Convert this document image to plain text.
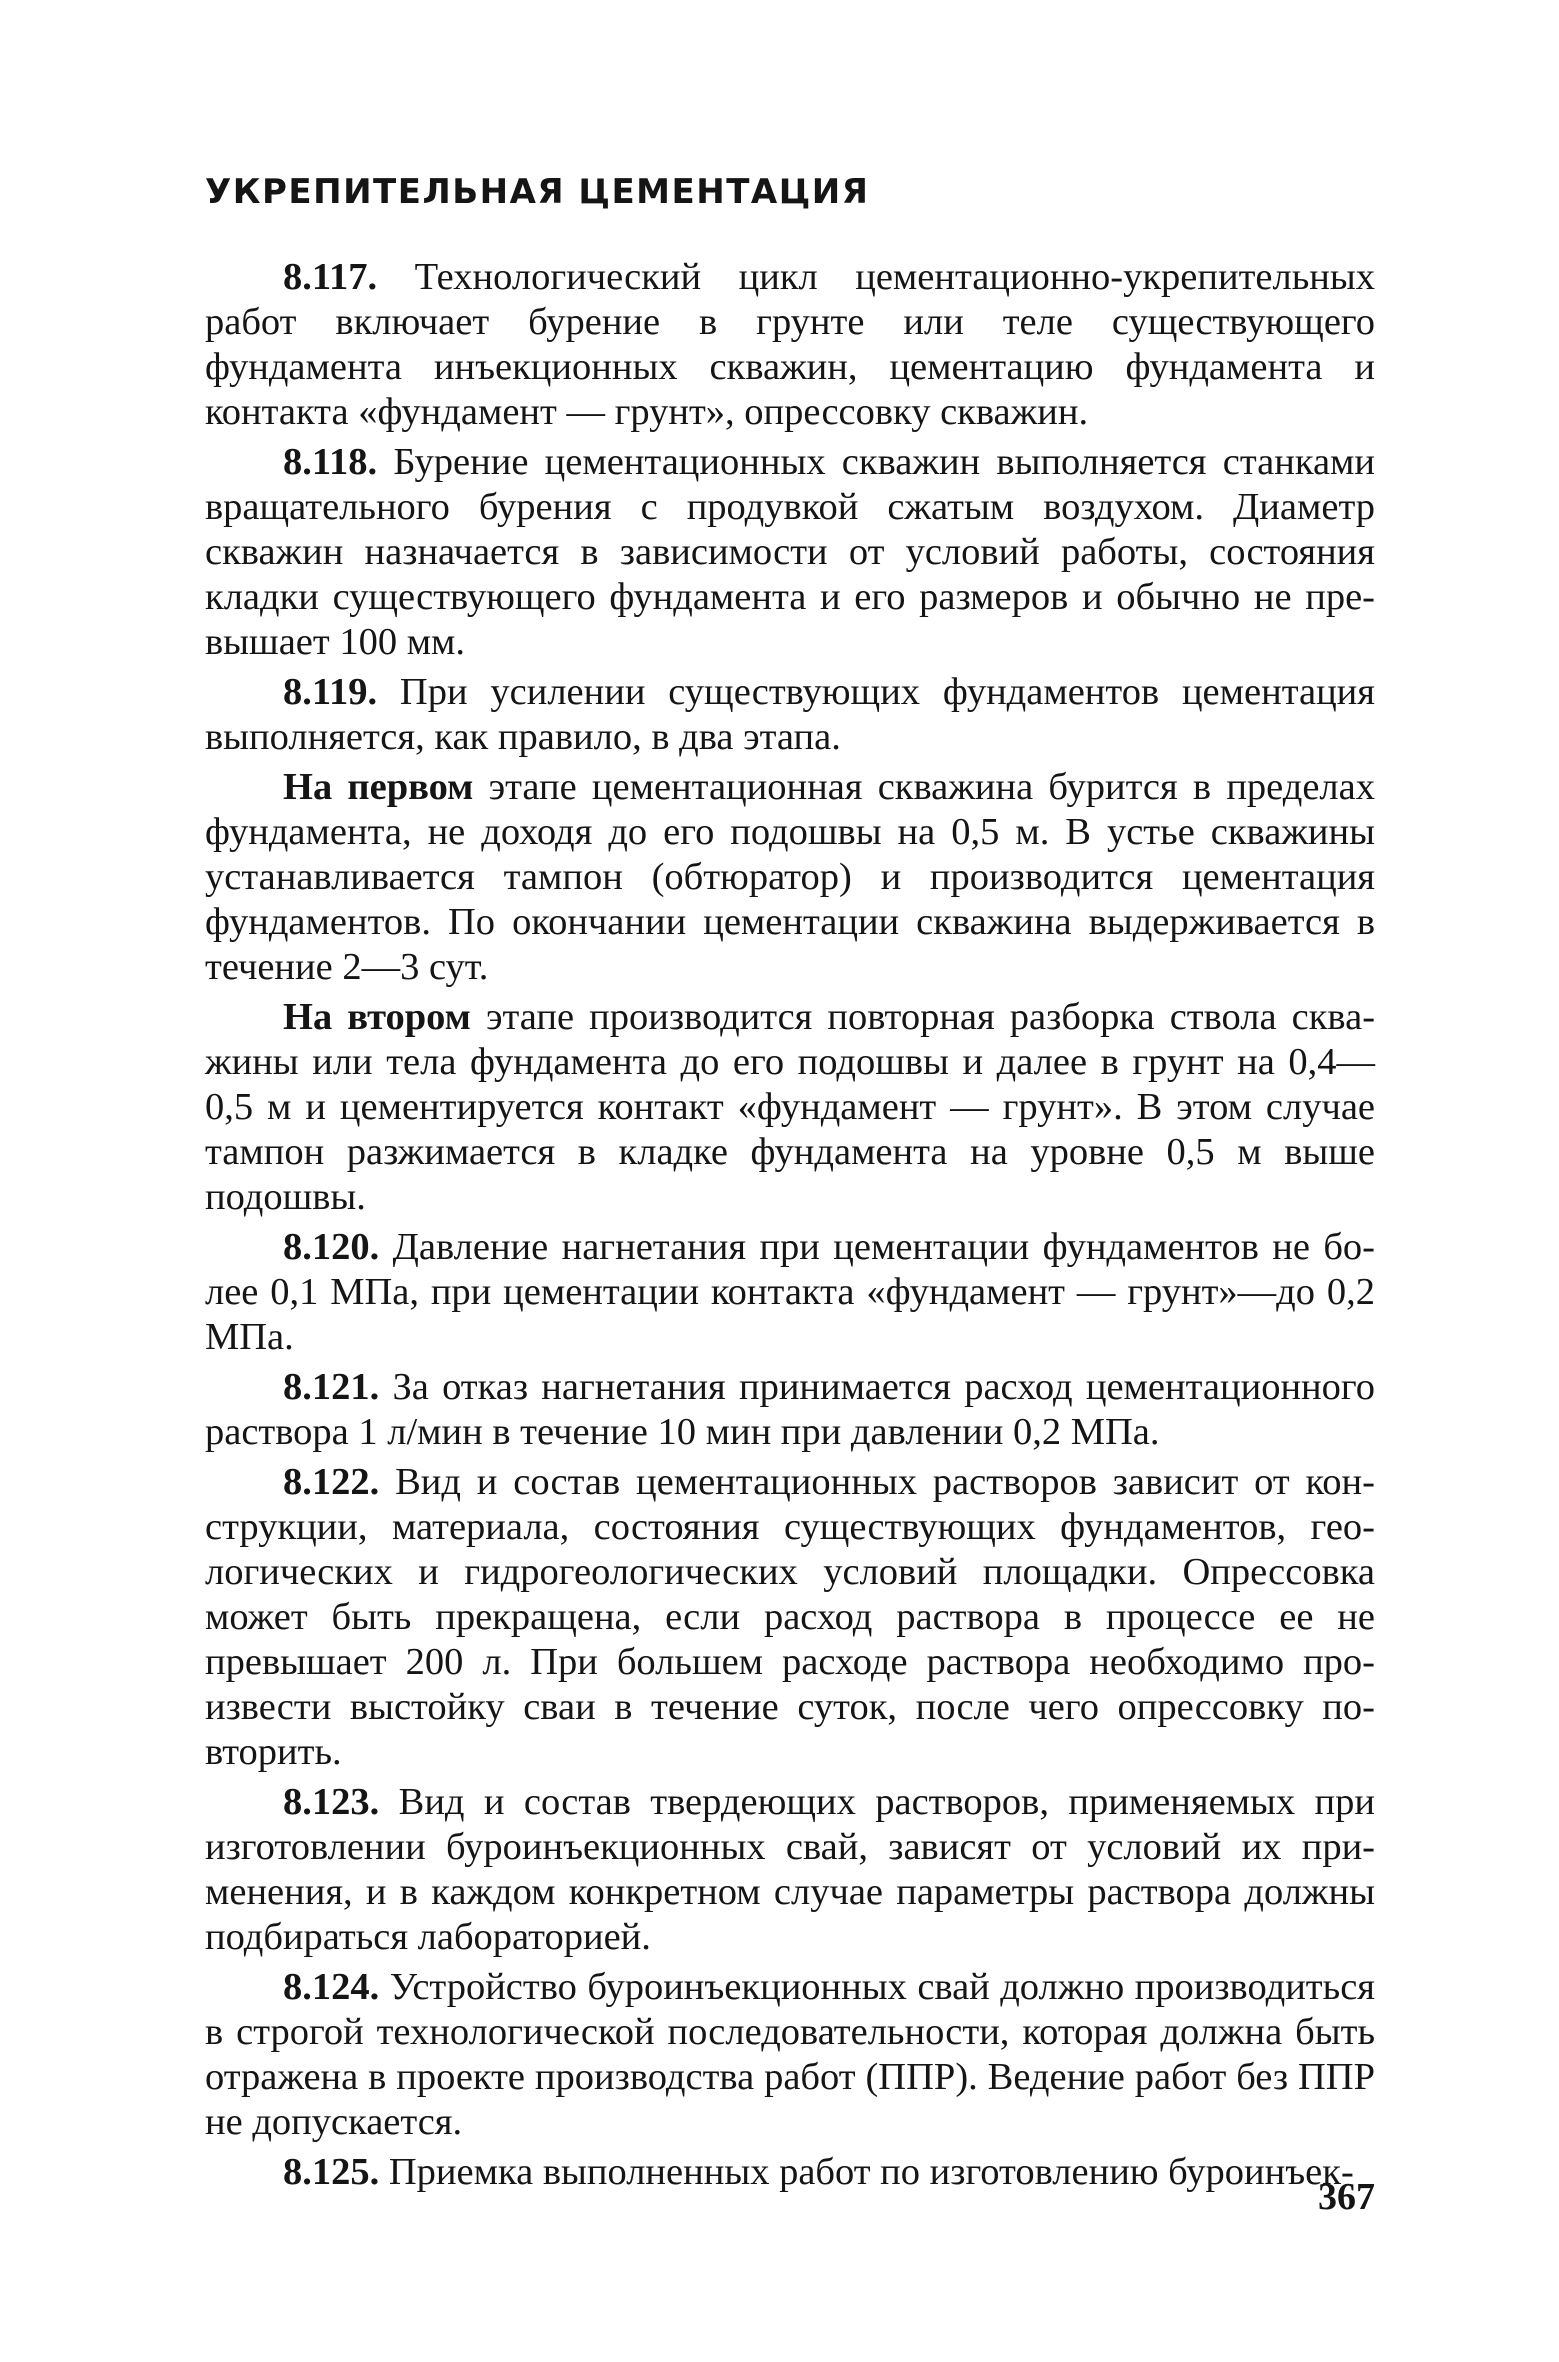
УКРЕПИТЕЛЬНАЯ ЦЕМЕНТАЦИЯ

8.117. Технологический цикл цементационно-укрепительных работ включает бурение в грунте или теле существующего фундамента инъекционных скважин, цементацию фундамента и контакта «фундамент — грунт», опрессовку скважин.

8.118. Бурение цементационных скважин выполняется станками вращательного бурения с продувкой сжатым воздухом. Диаметр скважин назначается в зависимости от условий работы, состояния кладки существующего фундамента и его размеров и обычно не превышает 100 мм.

8.119. При усилении существующих фундаментов цементация выполняется, как правило, в два этапа.

На первом этапе цементационная скважина бурится в пределах фундамента, не доходя до его подошвы на 0,5 м. В устье скважины устанавливается тампон (обтюратор) и производится цементация фундаментов. По окончании цементации скважина выдерживается в течение 2—3 сут.

На втором этапе производится повторная разборка ствола скважины или тела фундамента до его подошвы и далее в грунт на 0,4—0,5 м и цементируется контакт «фундамент — грунт». В этом случае тампон разжимается в кладке фундамента на уровне 0,5 м выше подошвы.

8.120. Давление нагнетания при цементации фундаментов не более 0,1 МПа, при цементации контакта «фундамент — грунт»—до 0,2 МПа.

8.121. За отказ нагнетания принимается расход цементационного раствора 1 л/мин в течение 10 мин при давлении 0,2 МПа.

8.122. Вид и состав цементационных растворов зависит от конструкции, материала, состояния существующих фундаментов, геологических и гидрогеологических условий площадки. Опрессовка может быть прекращена, если расход раствора в процессе ее не превышает 200 л. При большем расходе раствора необходимо произвести выстойку сваи в течение суток, после чего опрессовку повторить.

8.123. Вид и состав твердеющих растворов, применяемых при изготовлении буроинъекционных свай, зависят от условий их применения, и в каждом конкретном случае параметры раствора должны подбираться лабораторией.

8.124. Устройство буроинъекционных свай должно производиться в строгой технологической последовательности, которая должна быть отражена в проекте производства работ (ППР). Ведение работ без ППР не допускается.

8.125. Приемка выполненных работ по изготовлению буроинъек-

367
